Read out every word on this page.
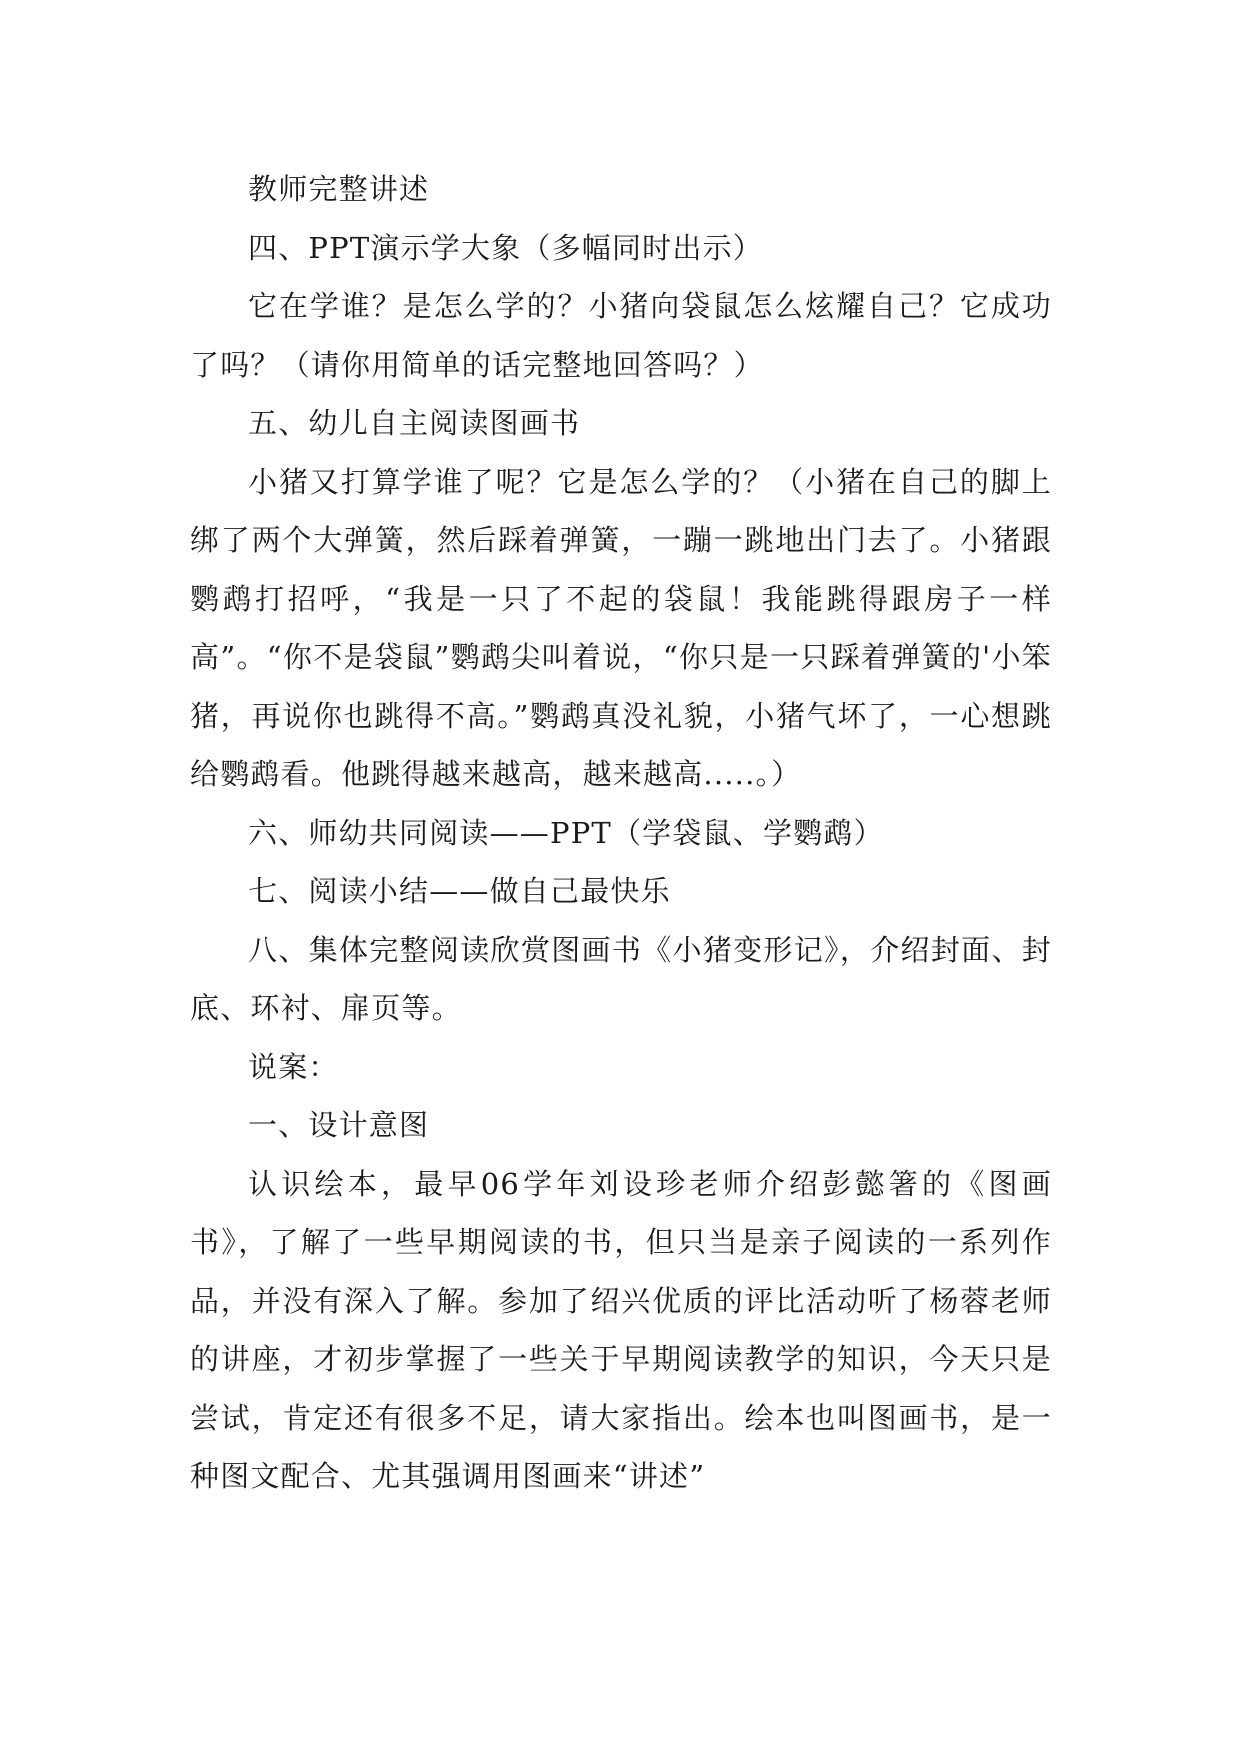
教师完整讲述

四、PPT演示学大象（多幅同时出示）

它在学谁？是怎么学的？小猪向袋鼠怎么炫耀自己？它成功了吗？（请你用简单的话完整地回答吗？）

五、幼儿自主阅读图画书

小猪又打算学谁了呢？它是怎么学的？（小猪在自己的脚上绑了两个大弹簧，然后踩着弹簧，一蹦一跳地出门去了。小猪跟鹦鹉打招呼，“我是一只了不起的袋鼠！我能跳得跟房子一样高”。“你不是袋鼠”鹦鹉尖叫着说，“你只是一只踩着弹簧的'小笨猪，再说你也跳得不高。”鹦鹉真没礼貌，小猪气坏了，一心想跳给鹦鹉看。他跳得越来越高，越来越高.....。）

六、师幼共同阅读——PPT（学袋鼠、学鹦鹉）

七、阅读小结——做自己最快乐

八、集体完整阅读欣赏图画书《小猪变形记》，介绍封面、封底、环衬、扉页等。

说案：

一、设计意图

认识绘本，最早06学年刘设珍老师介绍彭懿箸的《图画书》，了解了一些早期阅读的书，但只当是亲子阅读的一系列作品，并没有深入了解。参加了绍兴优质的评比活动听了杨蓉老师的讲座，才初步掌握了一些关于早期阅读教学的知识，今天只是尝试，肯定还有很多不足，请大家指出。绘本也叫图画书，是一种图文配合、尤其强调用图画来“讲述”
